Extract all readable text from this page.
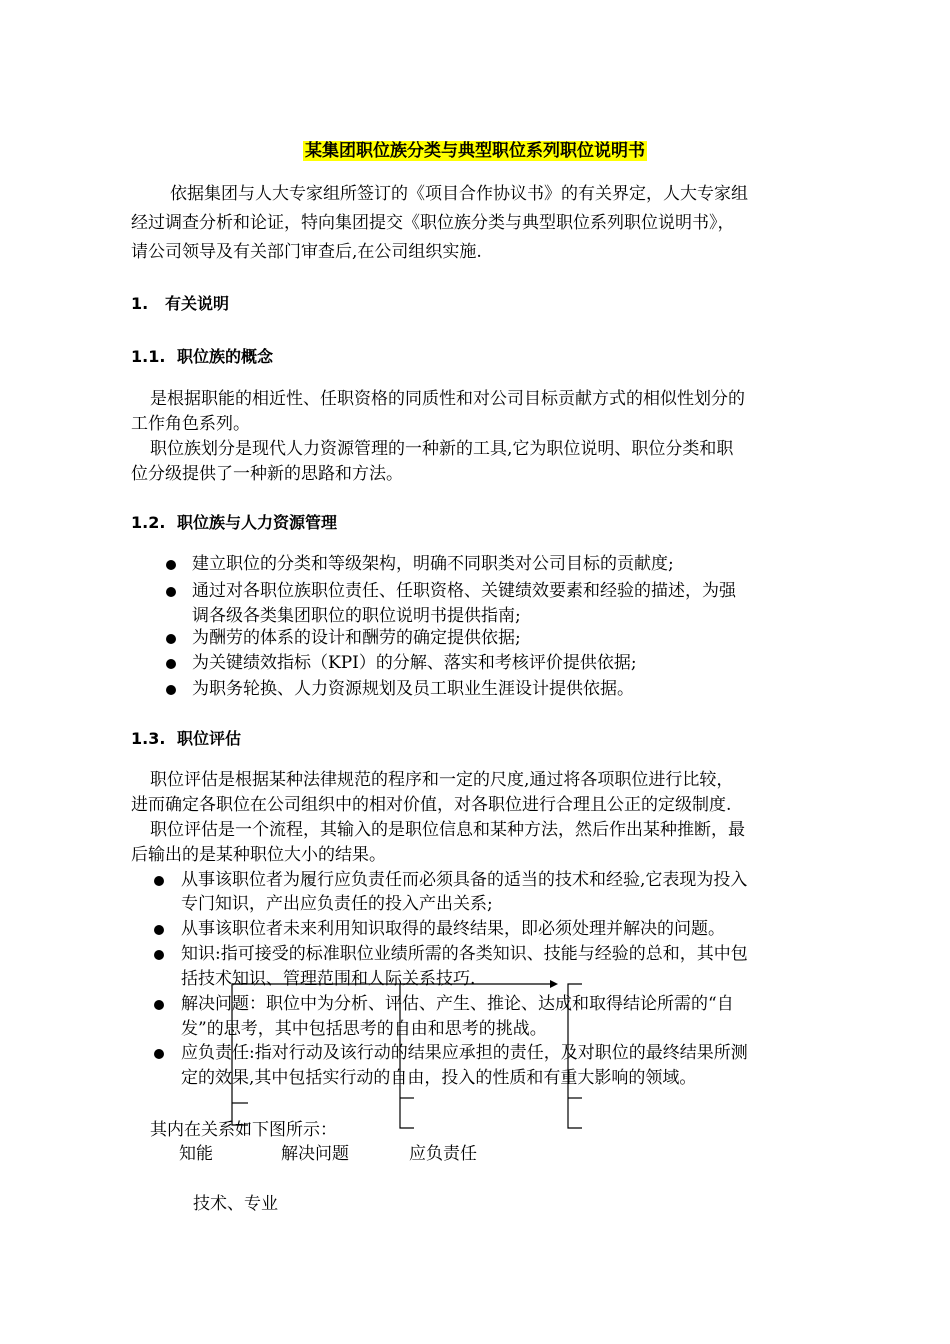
某集团职位族分类与典型职位系列职位说明书
依据集团与人大专家组所签订的《项目合作协议书》的有关界定，人大专家组
经过调查分析和论证，特向集团提交《职位族分类与典型职位系列职位说明书》，
请公司领导及有关部门审查后,在公司组织实施.
1. 有关说明
1.1. 职位族的概念
是根据职能的相近性、任职资格的同质性和对公司目标贡献方式的相似性划分的
工作角色系列。
职位族划分是现代人力资源管理的一种新的工具,它为职位说明、职位分类和职
位分级提供了一种新的思路和方法。
1.2. 职位族与人力资源管理
建立职位的分类和等级架构，明确不同职类对公司目标的贡献度;
通过对各职位族职位责任、任职资格、关键绩效要素和经验的描述，为强
调各级各类集团职位的职位说明书提供指南;
为酬劳的体系的设计和酬劳的确定提供依据;
为关键绩效指标（KPI）的分解、落实和考核评价提供依据;
为职务轮换、人力资源规划及员工职业生涯设计提供依据。
1.3. 职位评估
职位评估是根据某种法律规范的程序和一定的尺度,通过将各项职位进行比较，
进而确定各职位在公司组织中的相对价值，对各职位进行合理且公正的定级制度.
职位评估是一个流程，其输入的是职位信息和某种方法，然后作出某种推断，最
后输出的是某种职位大小的结果。
从事该职位者为履行应负责任而必须具备的适当的技术和经验,它表现为投入
专门知识，产出应负责任的投入产出关系;
从事该职位者未来利用知识取得的最终结果，即必须处理并解决的问题。
知识:指可接受的标准职位业绩所需的各类知识、技能与经验的总和，其中包
括技术知识、管理范围和人际关系技巧.
解决问题：职位中为分析、评估、产生、推论、达成和取得结论所需的“自
发”的思考，其中包括思考的自由和思考的挑战。
应负责任:指对行动及该行动的结果应承担的责任，及对职位的最终结果所测
定的效果,其中包括实行动的自由，投入的性质和有重大影响的领域。
其内在关系如下图所示：
知能	解决问题	应负责任
技术、专业
